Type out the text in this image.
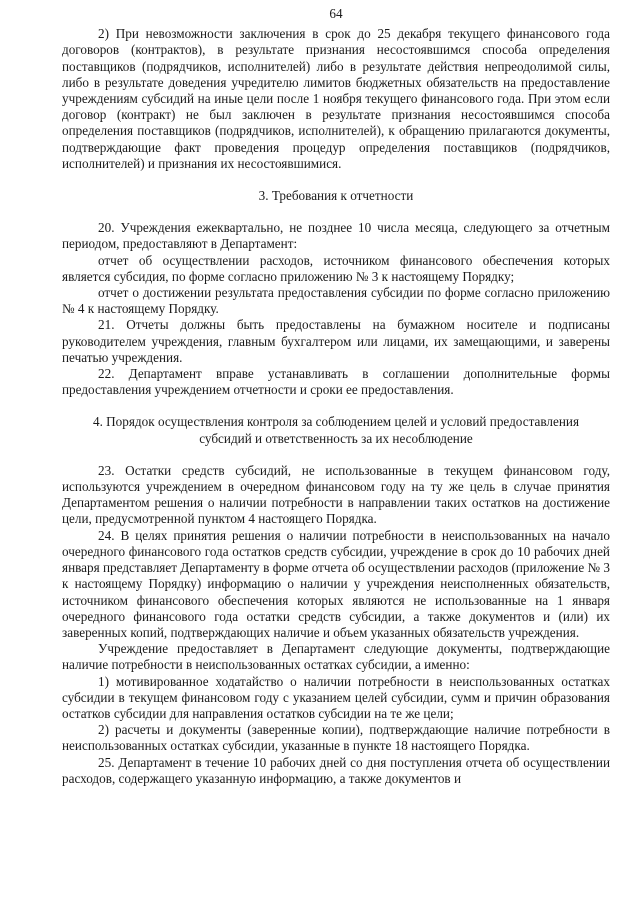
64

2) При невозможности заключения в срок до 25 декабря текущего финансового года договоров (контрактов), в результате признания несостоявшимся способа определения поставщиков (подрядчиков, исполнителей) либо в результате действия непреодолимой силы, либо в результате доведения учредителю лимитов бюджетных обязательств на предоставление учреждениям субсидий на иные цели после 1 ноября текущего финансового года. При этом если договор (контракт) не был заключен в результате признания несостоявшимся способа определения поставщиков (подрядчиков, исполнителей), к обращению прилагаются документы, подтверждающие факт проведения процедур определения поставщиков (подрядчиков, исполнителей) и признания их несостоявшимися.

3. Требования к отчетности

20. Учреждения ежеквартально, не позднее 10 числа месяца, следующего за отчетным периодом, предоставляют в Департамент:

отчет об осуществлении расходов, источником финансового обеспечения которых является субсидия, по форме согласно приложению № 3 к настоящему Порядку;

отчет о достижении результата предоставления субсидии по форме согласно приложению № 4 к настоящему Порядку.

21. Отчеты должны быть предоставлены на бумажном носителе и подписаны руководителем учреждения, главным бухгалтером или лицами, их замещающими, и заверены печатью учреждения.

22. Департамент вправе устанавливать в соглашении дополнительные формы предоставления учреждением отчетности и сроки ее предоставления.

4. Порядок осуществления контроля за соблюдением целей и условий предоставления
субсидий и ответственность за их несоблюдение

23. Остатки средств субсидий, не использованные в текущем финансовом году, используются учреждением в очередном финансовом году на ту же цель в случае принятия Департаментом решения о наличии потребности в направлении таких остатков на достижение цели, предусмотренной пунктом 4 настоящего Порядка.

24. В целях принятия решения о наличии потребности в неиспользованных на начало очередного финансового года остатков средств субсидии, учреждение в срок до 10 рабочих дней января представляет Департаменту в форме отчета об осуществлении расходов (приложение № 3 к настоящему Порядку) информацию о наличии у учреждения неисполненных обязательств, источником финансового обеспечения которых являются не использованные на 1 января очередного финансового года остатки средств субсидии, а также документов и (или) их заверенных копий, подтверждающих наличие и объем указанных обязательств учреждения.

Учреждение предоставляет в Департамент следующие документы, подтверждающие наличие потребности в неиспользованных остатках субсидии, а именно:

1) мотивированное ходатайство о наличии потребности в неиспользованных остатках субсидии в текущем финансовом году с указанием целей субсидии, сумм и причин образования остатков субсидии для направления остатков субсидии на те же цели;

2) расчеты и документы (заверенные копии), подтверждающие наличие потребности в неиспользованных остатках субсидии, указанные в пункте 18 настоящего Порядка.

25. Департамент в течение 10 рабочих дней со дня поступления отчета об осуществлении расходов, содержащего указанную информацию, а также документов и
